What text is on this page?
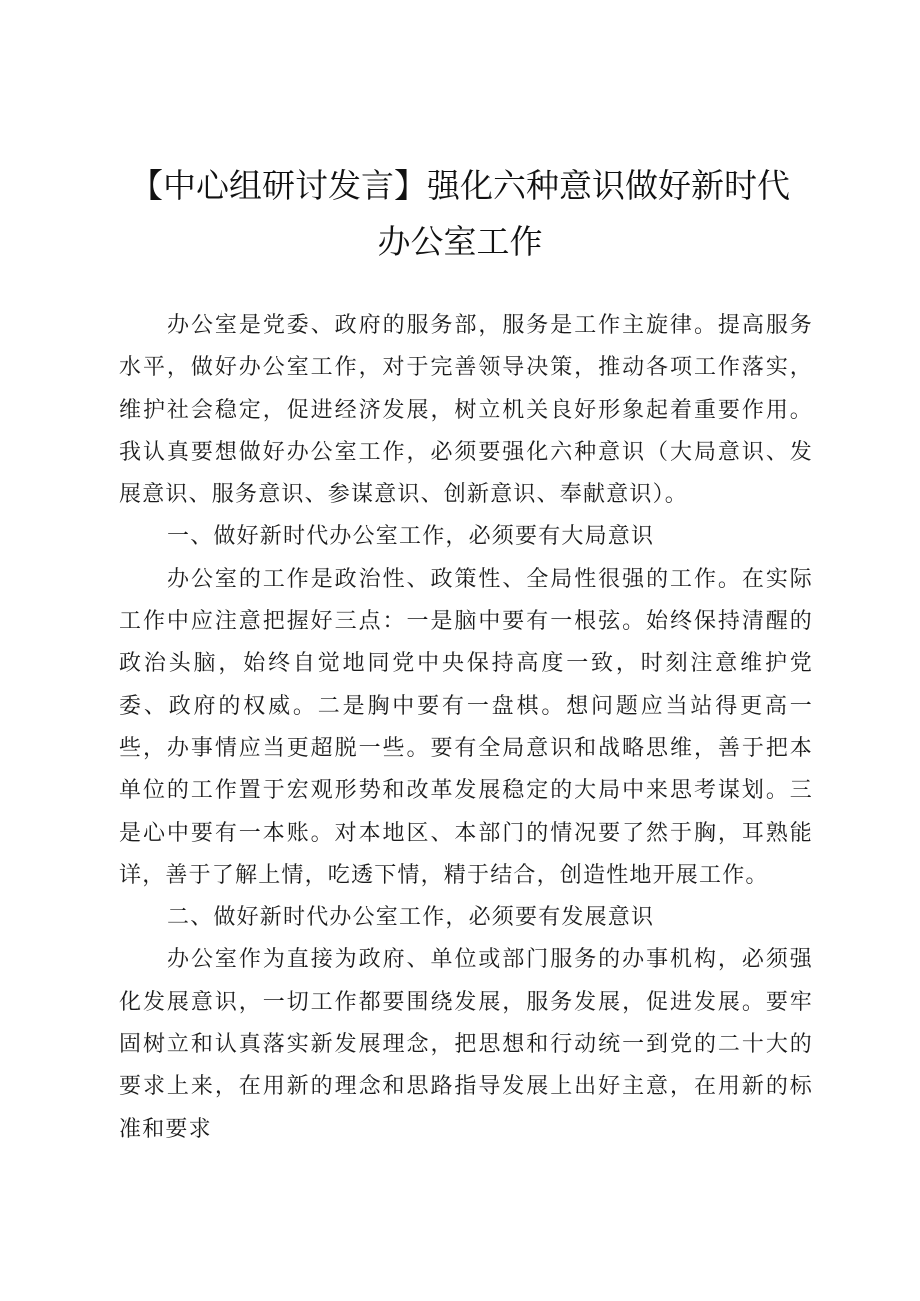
【中心组研讨发言】强化六种意识做好新时代
办公室工作

办公室是党委、政府的服务部，服务是工作主旋律。提高服务水平，做好办公室工作，对于完善领导决策，推动各项工作落实，维护社会稳定，促进经济发展，树立机关良好形象起着重要作用。我认真要想做好办公室工作，必须要强化六种意识（大局意识、发展意识、服务意识、参谋意识、创新意识、奉献意识）。

一、做好新时代办公室工作，必须要有大局意识

办公室的工作是政治性、政策性、全局性很强的工作。在实际工作中应注意把握好三点：一是脑中要有一根弦。始终保持清醒的政治头脑，始终自觉地同党中央保持高度一致，时刻注意维护党委、政府的权威。二是胸中要有一盘棋。想问题应当站得更高一些，办事情应当更超脱一些。要有全局意识和战略思维，善于把本单位的工作置于宏观形势和改革发展稳定的大局中来思考谋划。三是心中要有一本账。对本地区、本部门的情况要了然于胸，耳熟能详，善于了解上情，吃透下情，精于结合，创造性地开展工作。

二、做好新时代办公室工作，必须要有发展意识

办公室作为直接为政府、单位或部门服务的办事机构，必须强化发展意识，一切工作都要围绕发展，服务发展，促进发展。要牢固树立和认真落实新发展理念，把思想和行动统一到党的二十大的要求上来，在用新的理念和思路指导发展上出好主意，在用新的标准和要求
